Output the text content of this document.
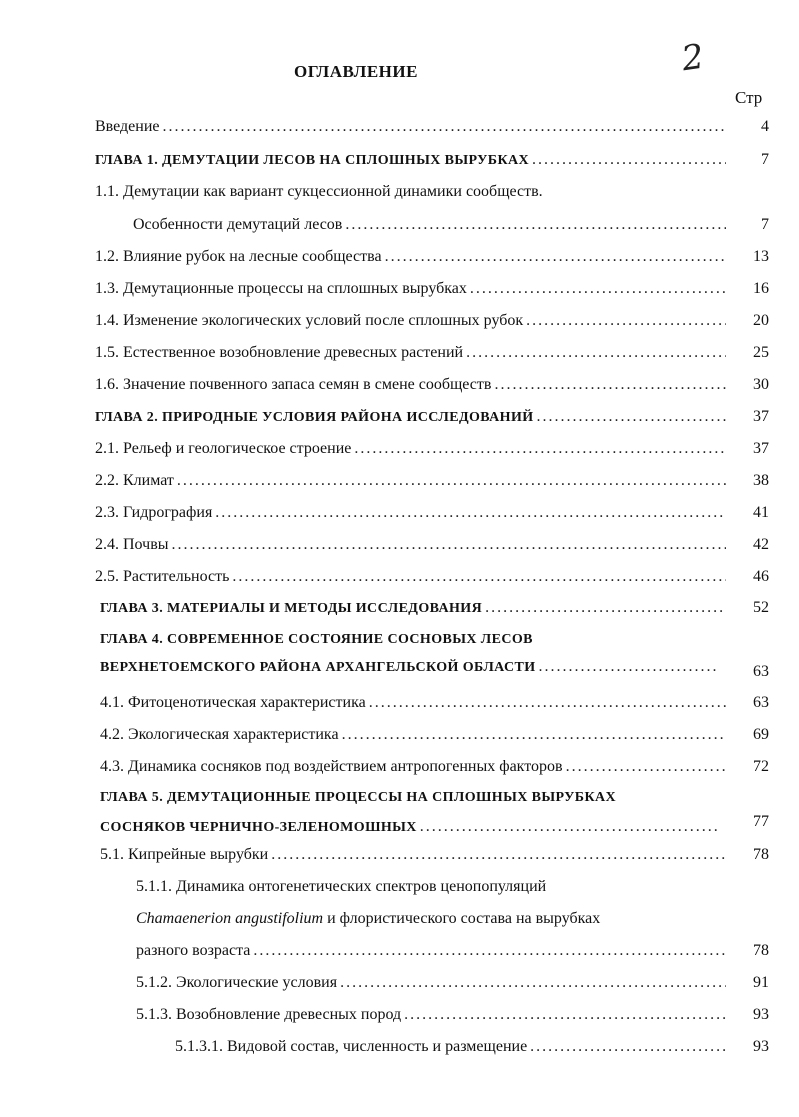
2
ОГЛАВЛЕНИЕ
Стр
Введение . . .	4
ГЛАВА 1. ДЕМУТАЦИИ ЛЕСОВ НА СПЛОШНЫХ ВЫРУБКАХ . . .	7
1.1. Демутации как вариант сукцессионной динамики сообществ.
Особенности демутаций лесов . . .	7
1.2. Влияние рубок на лесные сообщества . . .	13
1.3. Демутационные процессы на сплошных вырубках . . .	16
1.4. Изменение экологических условий после сплошных рубок . . .	20
1.5. Естественное возобновление древесных растений . . .	25
1.6. Значение почвенного запаса семян в смене сообществ . . .	30
ГЛАВА 2. ПРИРОДНЫЕ УСЛОВИЯ РАЙОНА ИССЛЕДОВАНИЙ . . .	37
2.1. Рельеф и геологическое строение . . .	37
2.2. Климат . . .	38
2.3. Гидрография . . .	41
2.4. Почвы . . .	42
2.5. Растительность . . .	46
ГЛАВА 3. МАТЕРИАЛЫ И МЕТОДЫ ИССЛЕДОВАНИЯ . . .	52
ГЛАВА 4. СОВРЕМЕННОЕ СОСТОЯНИЕ СОСНОВЫХ ЛЕСОВ
ВЕРХНЕТОЕМСКОГО РАЙОНА АРХАНГЕЛЬСКОЙ ОБЛАСТИ . . .	63
4.1. Фитоценотическая характеристика . . .	63
4.2. Экологическая характеристика . . .	69
4.3. Динамика сосняков под воздействием антропогенных факторов . . .	72
ГЛАВА 5. ДЕМУТАЦИОННЫЕ ПРОЦЕССЫ НА СПЛОШНЫХ ВЫРУБКАХ
СОСНЯКОВ ЧЕРНИЧНО-ЗЕЛЕНОМОШНЫХ . . .	77
5.1. Кипрейные вырубки . . .	78
5.1.1. Динамика онтогенетических спектров ценопопуляций
Chamaenerion angustifolium и флористического состава на вырубках
разного возраста . . .	78
5.1.2. Экологические условия . . .	91
5.1.3. Возобновление древесных пород . . .	93
5.1.3.1. Видовой состав, численность и размещение . . .	93
